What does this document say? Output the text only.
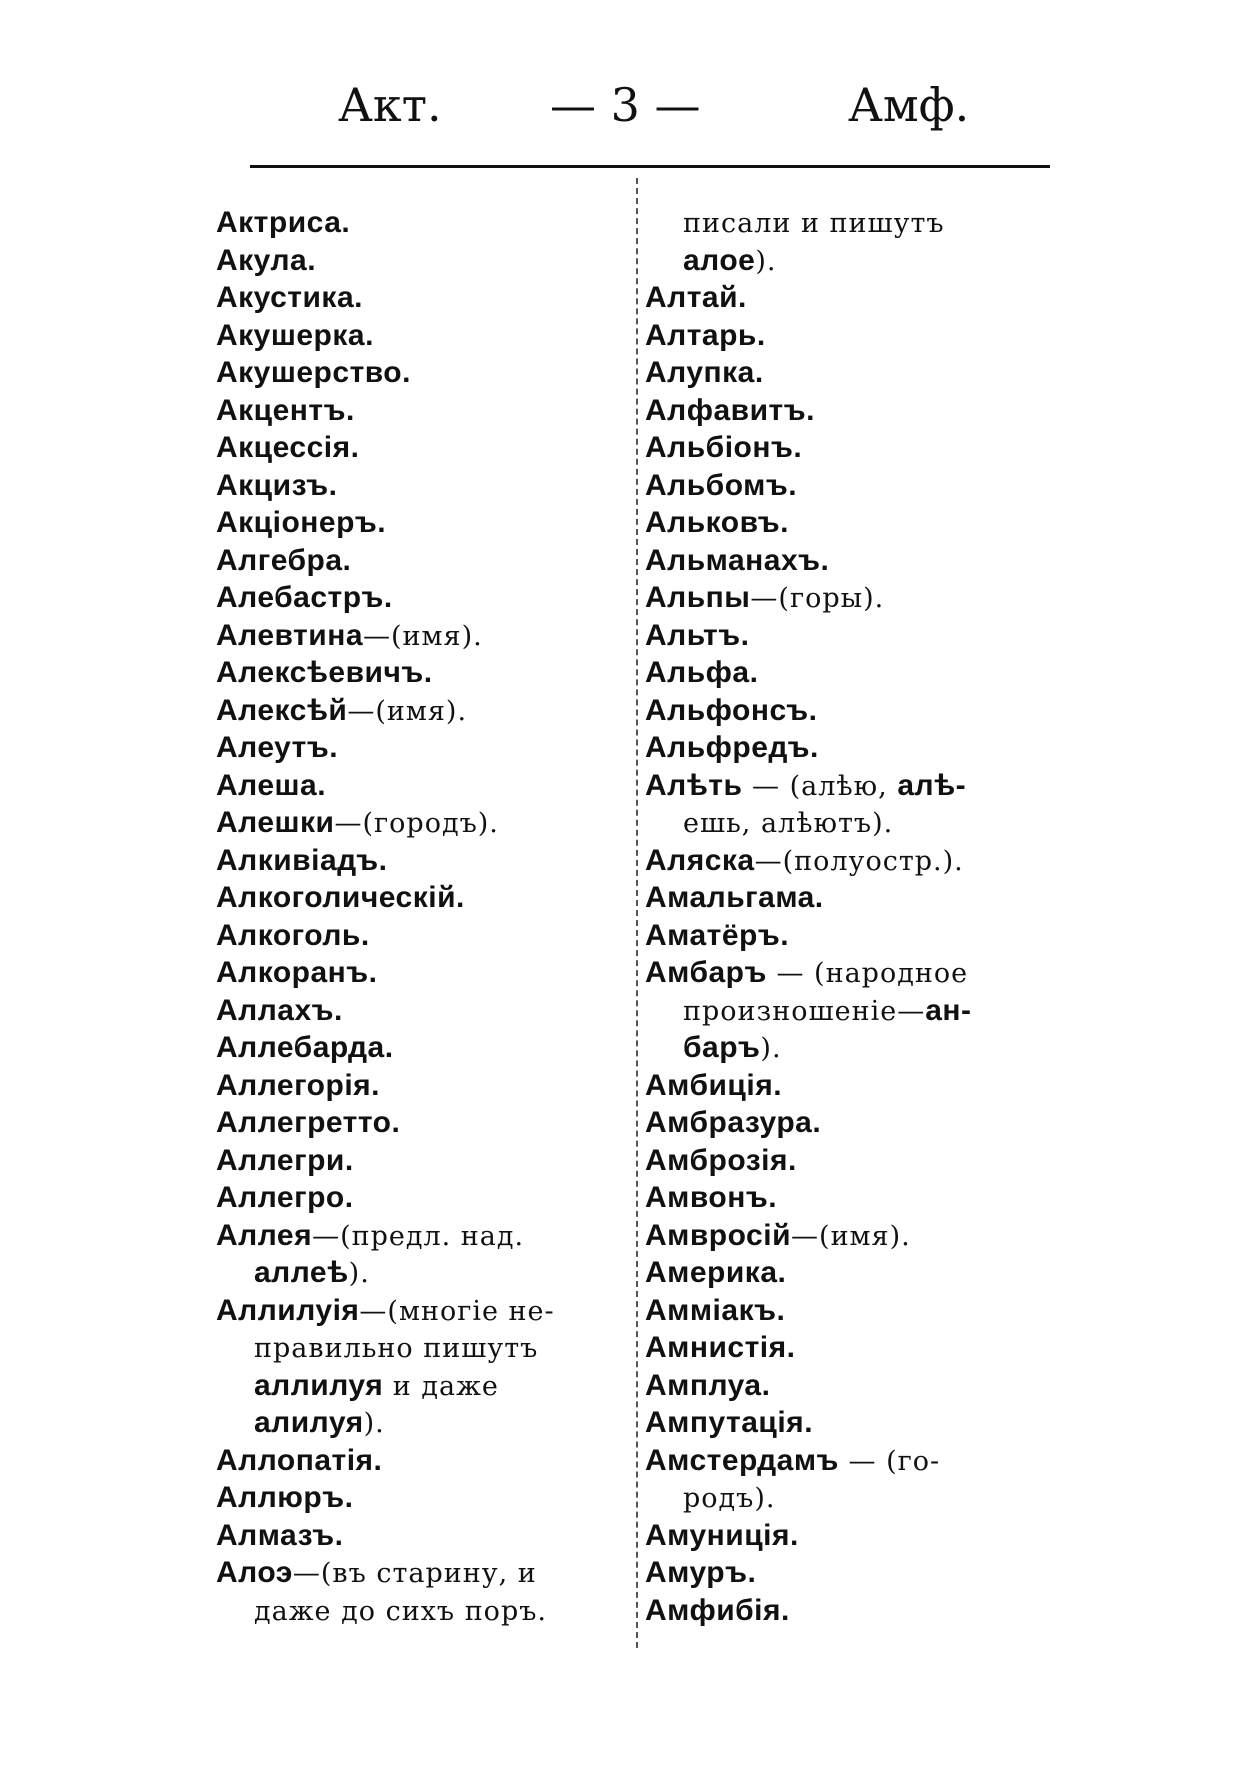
Акт. — 3 —	Амф.
Актриса.
Акула.
Акустика.
Акушерка.
Акушерство.
Акцентъ.
Акцессія.
Акцизъ.
Акціонеръ.
Алгебра.
Алебастръ.
Алевтина—(имя).
Алексѣевичъ.
Алексѣй—(имя).
Алеутъ.
Алеша.
Алешки—(городъ).
Алкивіадъ.
Алкоголическій.
Алкоголь.
Алкоранъ.
Аллахъ.
Аллебарда.
Аллегорія.
Аллегретто.
Аллегри.
Аллегро.
Аллея—(предл. над.
аллеѣ).
Аллилуія—(многіе не-
правильно пишутъ
аллилуя и даже
алилуя).
Аллопатія.
Аллюръ.
Алмазъ.
Алоэ—(въ старину, и
даже до сихъ поръ.
писали и пишутъ
алое).
Алтай.
Алтарь.
Алупка.
Алфавитъ.
Альбіонъ.
Альбомъ.
Альковъ.
Альманахъ.
Альпы—(горы).
Альтъ.
Альфа.
Альфонсъ.
Альфредъ.
Алѣть — (алѣю, алѣ-
ешь, алѣютъ).
Аляска—(полуостр.).
Амальгама.
Аматёръ.
Амбаръ — (народное
произношеніе—ан-
баръ).
Амбиція.
Амбразура.
Амброзія.
Амвонъ.
Амвросій—(имя).
Америка.
Аммiакъ.
Амнистія.
Амплуа.
Ампутація.
Амстердамъ — (го-
родъ).
Амуниція.
Амуръ.
Амфибія.
